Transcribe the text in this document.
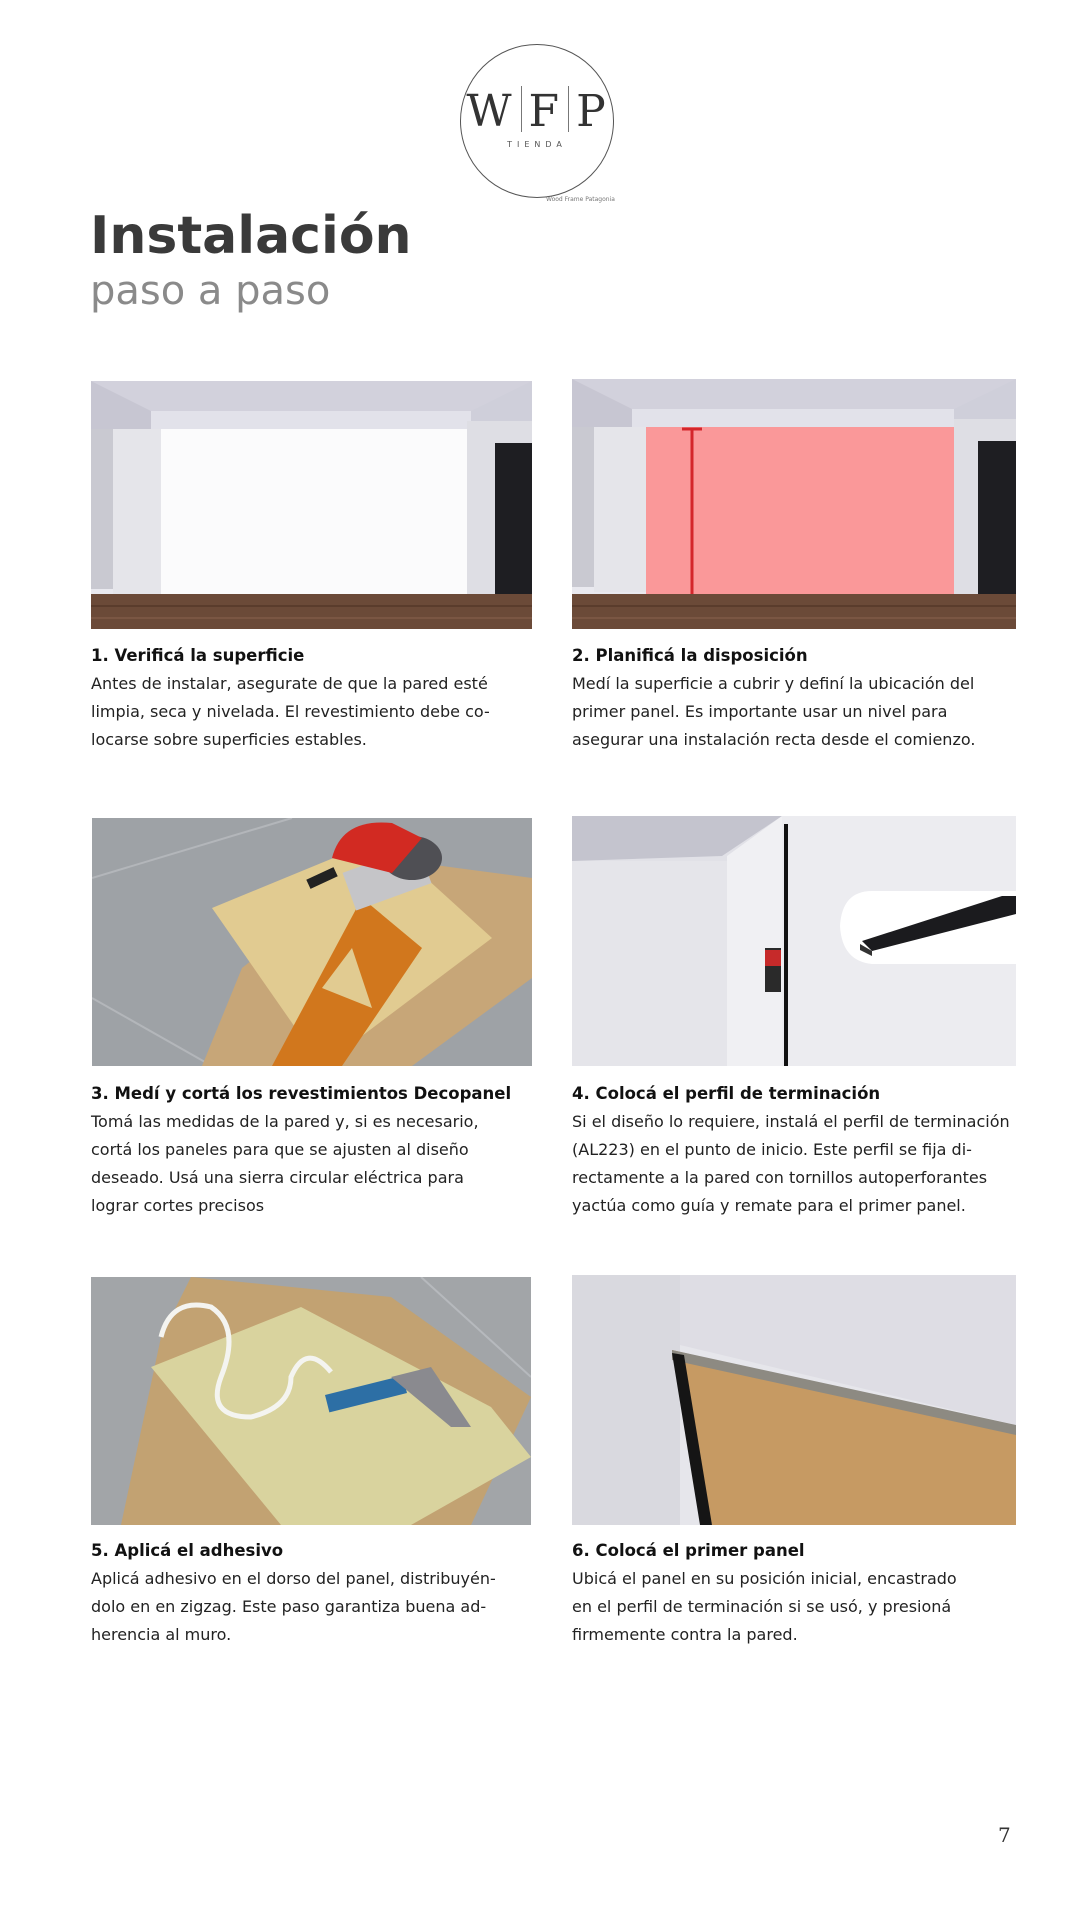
W F P
TIENDA
Wood Frame Patagonia
Instalación
paso a paso
1. Verificá la superficie

Antes de instalar, asegurate de que la pared esté
limpia, seca y nivelada. El revestimiento debe co-
locarse sobre superficies estables.

2. Planificá la disposición

Medí la superficie a cubrir y definí la ubicación del
primer panel. Es importante usar un nivel para
asegurar una instalación recta desde el comienzo.

3. Medí y cortá los revestimientos Decopanel

Tomá las medidas de la pared y, si es necesario,
cortá los paneles para que se ajusten al diseño
deseado. Usá una sierra circular eléctrica para
lograr cortes precisos

4. Colocá el perfil de terminación

Si el diseño lo requiere, instalá el perfil de terminación
(AL223) en el punto de inicio. Este perfil se fija di-
rectamente a la pared con tornillos autoperforantes
yactúa como guía y remate para el primer panel.

5. Aplicá el adhesivo

Aplicá adhesivo en el dorso del panel, distribuyén-
dolo en en zigzag. Este paso garantiza buena ad-
herencia al muro.

6. Colocá el primer panel

Ubicá el panel en su posición inicial, encastrado
en el perfil de terminación si se usó, y presioná
firmemente contra la pared.

7
